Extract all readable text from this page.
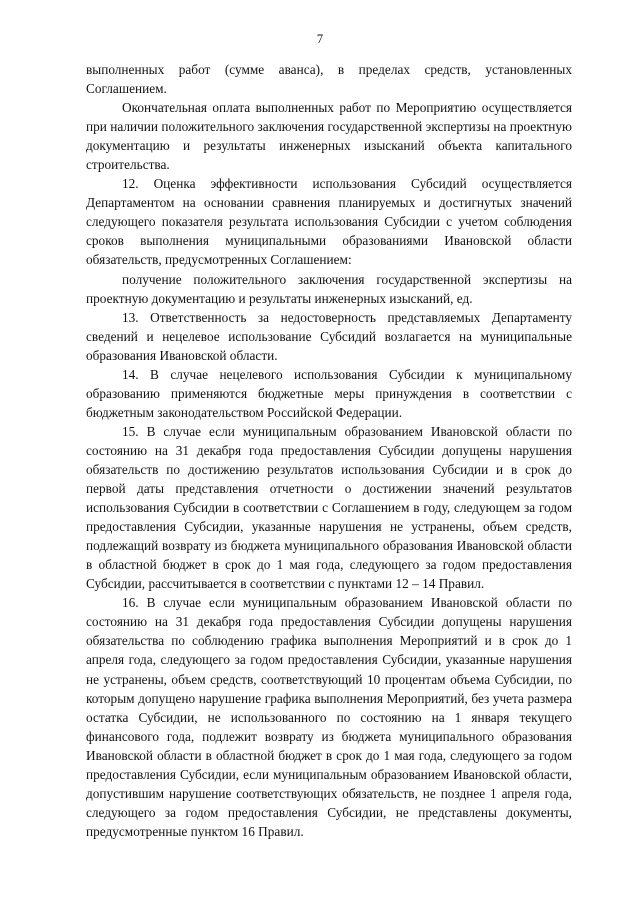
7

выполненных работ (сумме аванса), в пределах средств, установленных Соглашением.

Окончательная оплата выполненных работ по Мероприятию осуществляется при наличии положительного заключения государственной экспертизы на проектную документацию и результаты инженерных изысканий объекта капитального строительства.

12. Оценка эффективности использования Субсидий осуществляется Департаментом на основании сравнения планируемых и достигнутых значений следующего показателя результата использования Субсидии с учетом соблюдения сроков выполнения муниципальными образованиями Ивановской области обязательств, предусмотренных Соглашением:

получение положительного заключения государственной экспертизы на проектную документацию и результаты инженерных изысканий, ед.

13. Ответственность за недостоверность представляемых Департаменту сведений и нецелевое использование Субсидий возлагается на муниципальные образования Ивановской области.

14. В случае нецелевого использования Субсидии к муниципальному образованию применяются бюджетные меры принуждения в соответствии с бюджетным законодательством Российской Федерации.

15. В случае если муниципальным образованием Ивановской области по состоянию на 31 декабря года предоставления Субсидии допущены нарушения обязательств по достижению результатов использования Субсидии и в срок до первой даты представления отчетности о достижении значений результатов использования Субсидии в соответствии с Соглашением в году, следующем за годом предоставления Субсидии, указанные нарушения не устранены, объем средств, подлежащий возврату из бюджета муниципального образования Ивановской области в областной бюджет в срок до 1 мая года, следующего за годом предоставления Субсидии, рассчитывается в соответствии с пунктами 12 – 14 Правил.

16. В случае если муниципальным образованием Ивановской области по состоянию на 31 декабря года предоставления Субсидии допущены нарушения обязательства по соблюдению графика выполнения Мероприятий и в срок до 1 апреля года, следующего за годом предоставления Субсидии, указанные нарушения не устранены, объем средств, соответствующий 10 процентам объема Субсидии, по которым допущено нарушение графика выполнения Мероприятий, без учета размера остатка Субсидии, не использованного по состоянию на 1 января текущего финансового года, подлежит возврату из бюджета муниципального образования Ивановской области в областной бюджет в срок до 1 мая года, следующего за годом предоставления Субсидии, если муниципальным образованием Ивановской области, допустившим нарушение соответствующих обязательств, не позднее 1 апреля года, следующего за годом предоставления Субсидии, не представлены документы, предусмотренные пунктом 16 Правил.
